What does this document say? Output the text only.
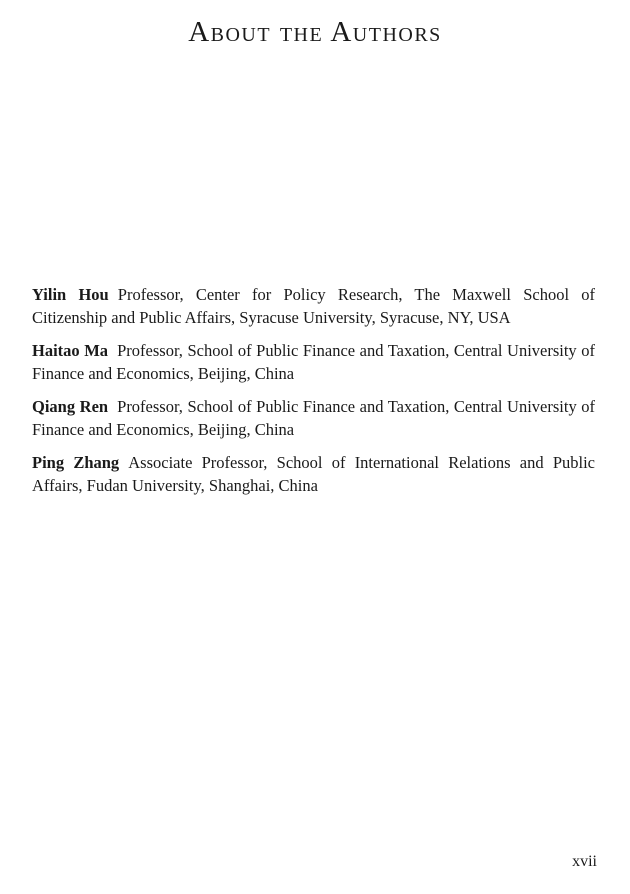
About the Authors

Yilin Hou Professor, Center for Policy Research, The Maxwell School of Citizenship and Public Affairs, Syracuse University, Syracuse, NY, USA

Haitao Ma Professor, School of Public Finance and Taxation, Central University of Finance and Economics, Beijing, China

Qiang Ren Professor, School of Public Finance and Taxation, Central University of Finance and Economics, Beijing, China

Ping Zhang Associate Professor, School of International Relations and Public Affairs, Fudan University, Shanghai, China

xvii
